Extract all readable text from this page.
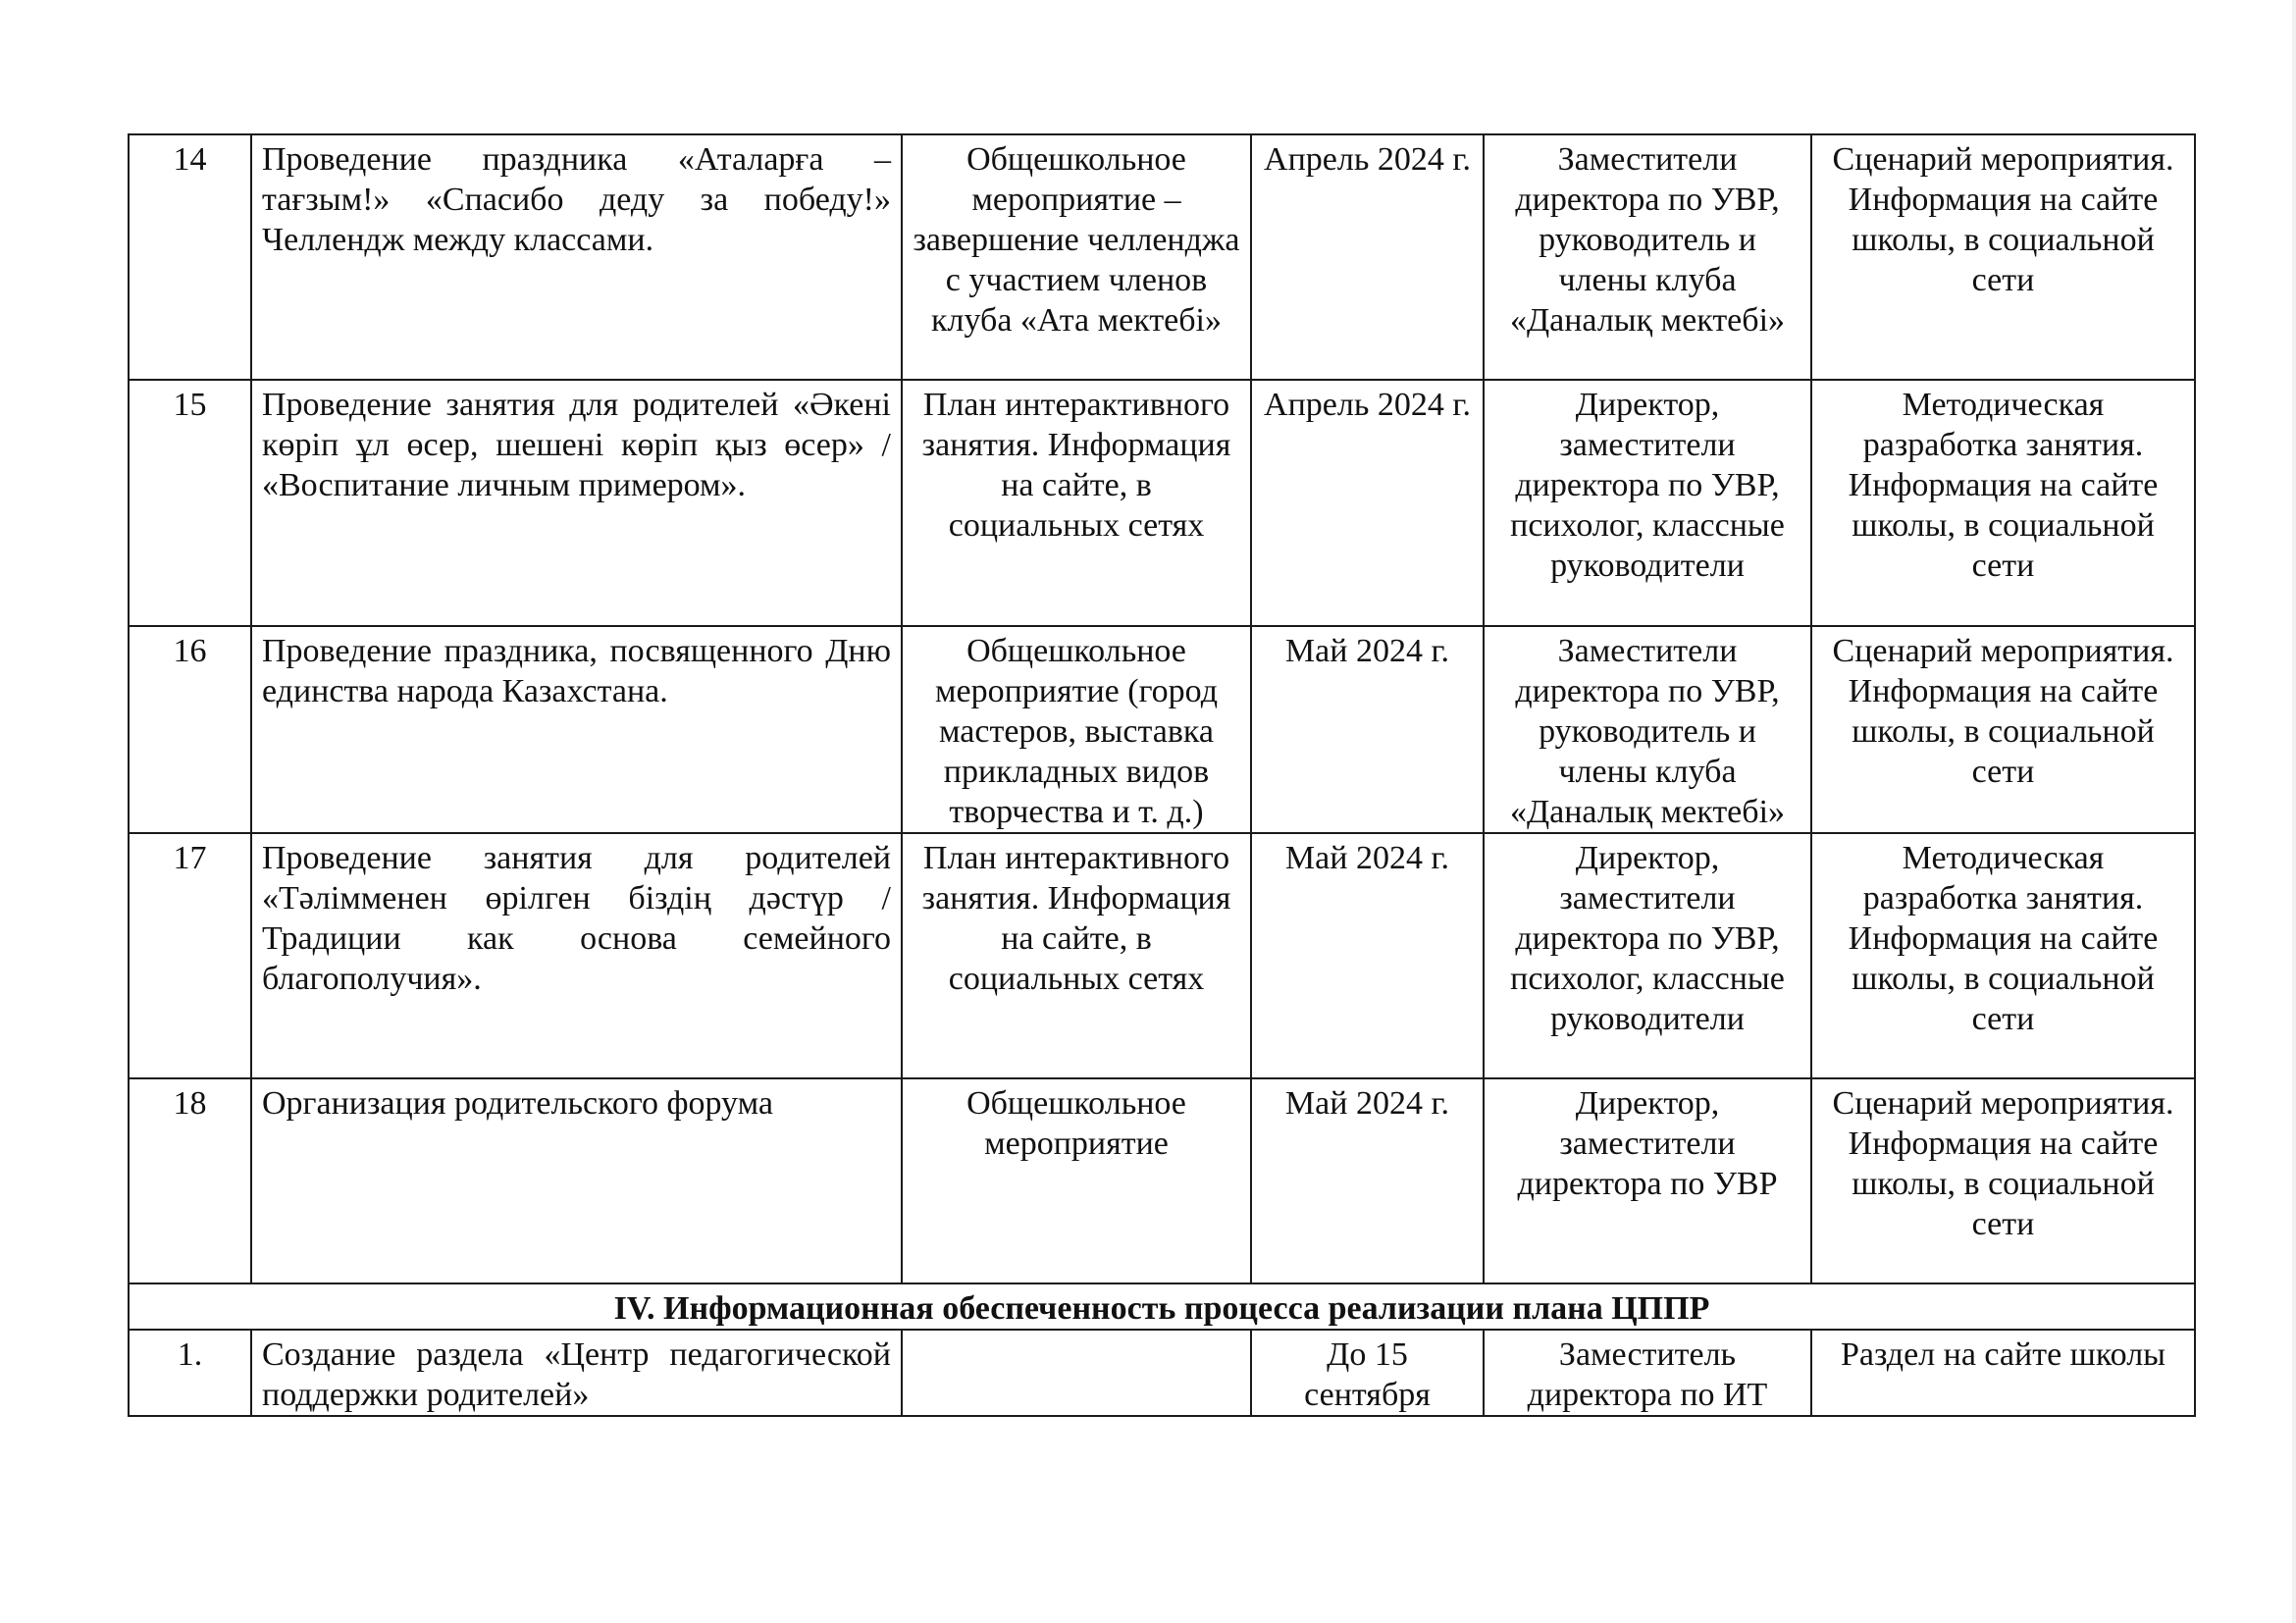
14	Проведение праздника «Аталарға – тағзым!» «Спасибо деду за победу!» Челлендж между классами.	Общешкольное мероприятие – завершение челленджа с участием членов клуба «Ата мектебі»	Апрель 2024 г.	Заместители директора по УВР, руководитель и члены клуба «Даналық мектебі»	Сценарий мероприятия. Информация на сайте школы, в социальной сети
15	Проведение занятия для родителей «Әкені көріп ұл өсер, шешені көріп қыз өсер» / «Воспитание личным примером».	План интерактивного занятия. Информация на сайте, в социальных сетях	Апрель 2024 г.	Директор, заместители директора по УВР, психолог, классные руководители	Методическая разработка занятия. Информация на сайте школы, в социальной сети
16	Проведение праздника, посвященного Дню единства народа Казахстана.	Общешкольное мероприятие (город мастеров, выставка прикладных видов творчества и т. д.)	Май 2024 г.	Заместители директора по УВР, руководитель и члены клуба «Даналық мектебі»	Сценарий мероприятия. Информация на сайте школы, в социальной сети
17	Проведение занятия для родителей «Тәлімменен өрілген біздің дәстүр / Традиции как основа семейного благополучия».	План интерактивного занятия. Информация на сайте, в социальных сетях	Май 2024 г.	Директор, заместители директора по УВР, психолог, классные руководители	Методическая разработка занятия. Информация на сайте школы, в социальной сети
18	Организация родительского форума	Общешкольное мероприятие	Май 2024 г.	Директор, заместители директора по УВР	Сценарий мероприятия. Информация на сайте школы, в социальной сети
IV. Информационная обеспеченность процесса реализации плана ЦППР					
1.	Создание раздела «Центр педагогической поддержки родителей»		До 15 сентября	Заместитель директора по ИТ	Раздел на сайте школы
